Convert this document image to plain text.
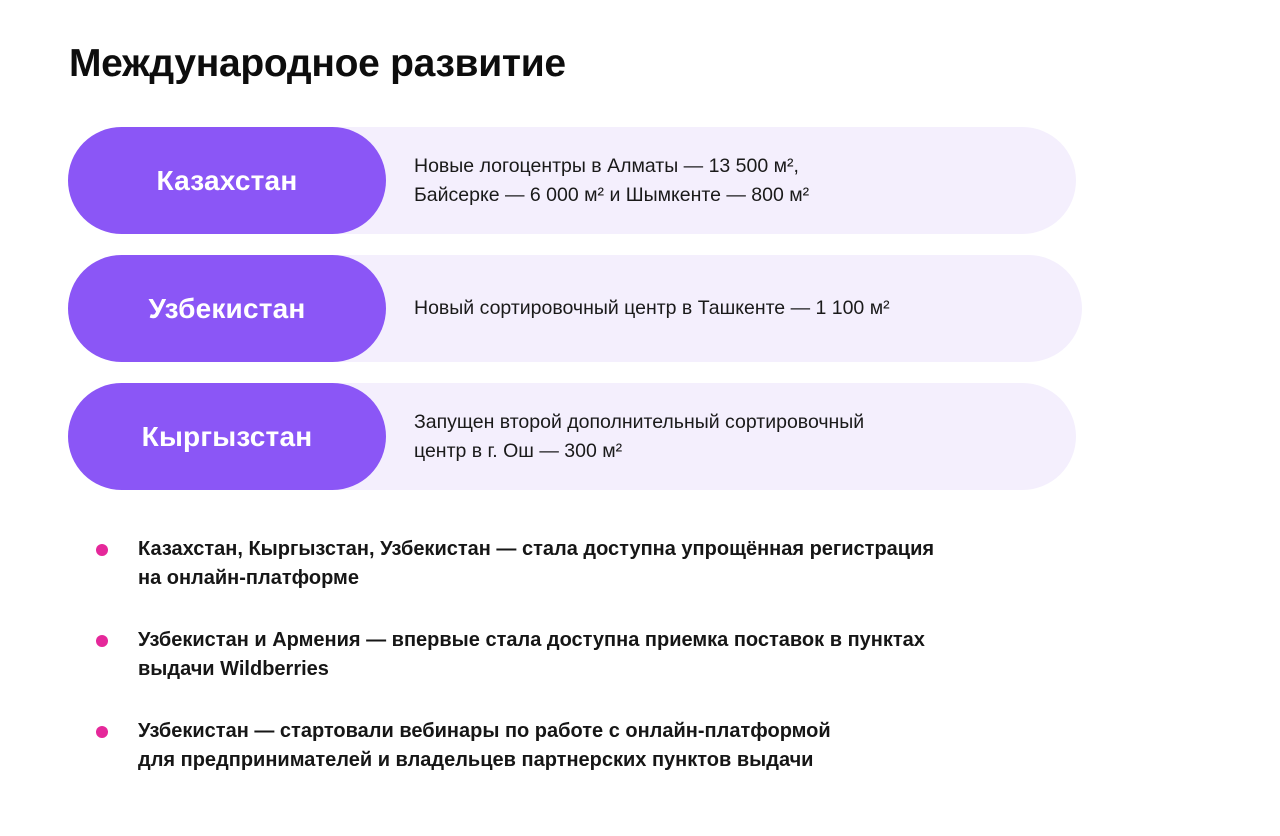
Международное развитие
Казахстан	Новые логоцентры в Алматы — 13 500 м²,
Байсерке — 6 000 м² и Шымкенте — 800 м²
Узбекистан	Новый сортировочный центр в Ташкенте — 1 100 м²
Кыргызстан	Запущен второй дополнительный сортировочный
центр в г. Ош — 300 м²
Казахстан, Кыргызстан, Узбекистан — стала доступна упрощённая регистрация
на онлайн-платформе
Узбекистан и Армения — впервые стала доступна приемка поставок в пунктах
выдачи Wildberries
Узбекистан — стартовали вебинары по работе с онлайн-платформой
для предпринимателей и владельцев партнерских пунктов выдачи
